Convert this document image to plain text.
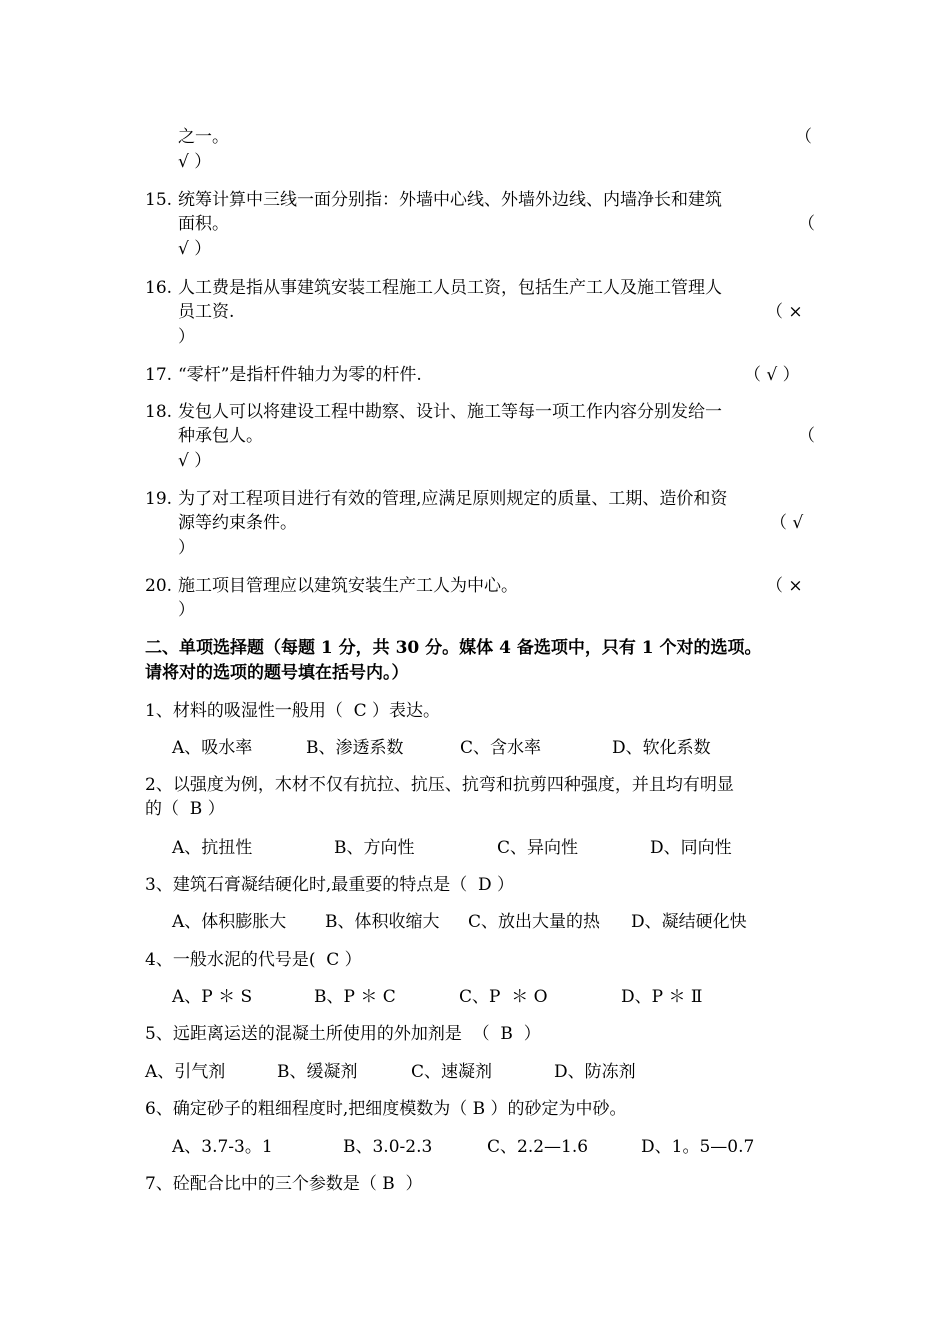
之一。	（
√ ）
15. 统筹计算中三线一面分别指：外墙中心线、外墙外边线、内墙净长和建筑
面积。	（
√ ）
16. 人工费是指从事建筑安装工程施工人员工资，包括生产工人及施工管理人
员工资.	（ ×
）
17. “零杆”是指杆件轴力为零的杆件.	（ √ ）
18. 发包人可以将建设工程中勘察、设计、施工等每一项工作内容分别发给一
种承包人。	（
√ ）
19. 为了对工程项目进行有效的管理,应满足原则规定的质量、工期、造价和资
源等约束条件。	（ √
）
20. 施工项目管理应以建筑安装生产工人为中心。	（ ×
）
二、单项选择题（每题 1 分，共 30 分。媒体 4 备选项中，只有 1 个对的选项。
请将对的选项的题号填在括号内。）
1、材料的吸湿性一般用（  C ）表达。
A、吸水率	B、渗透系数	C、含水率	D、软化系数
2、以强度为例，木材不仅有抗拉、抗压、抗弯和抗剪四种强度，并且均有明显
的（  B ）
A、抗扭性	B、方向性	C、异向性	D、同向性
3、建筑石膏凝结硬化时,最重要的特点是（  D ）
A、体积膨胀大 B、体积收缩大 C、放出大量的热 D、凝结硬化快
4、一般水泥的代号是(  C ）
A、P ＊ S	B、P ＊ C	C、P  ＊ O	D、P ＊ Ⅱ
5、远距离运送的混凝土所使用的外加剂是  （  B  ）
A、引气剂	B、缓凝剂	C、速凝剂	D、防冻剂
6、确定砂子的粗细程度时,把细度模数为（ B ）的砂定为中砂。
A、3.7-3。1	B、3.0-2.3	C、2.2—1.6	D、1。5—0.7
7、砼配合比中的三个参数是（ B  ）
